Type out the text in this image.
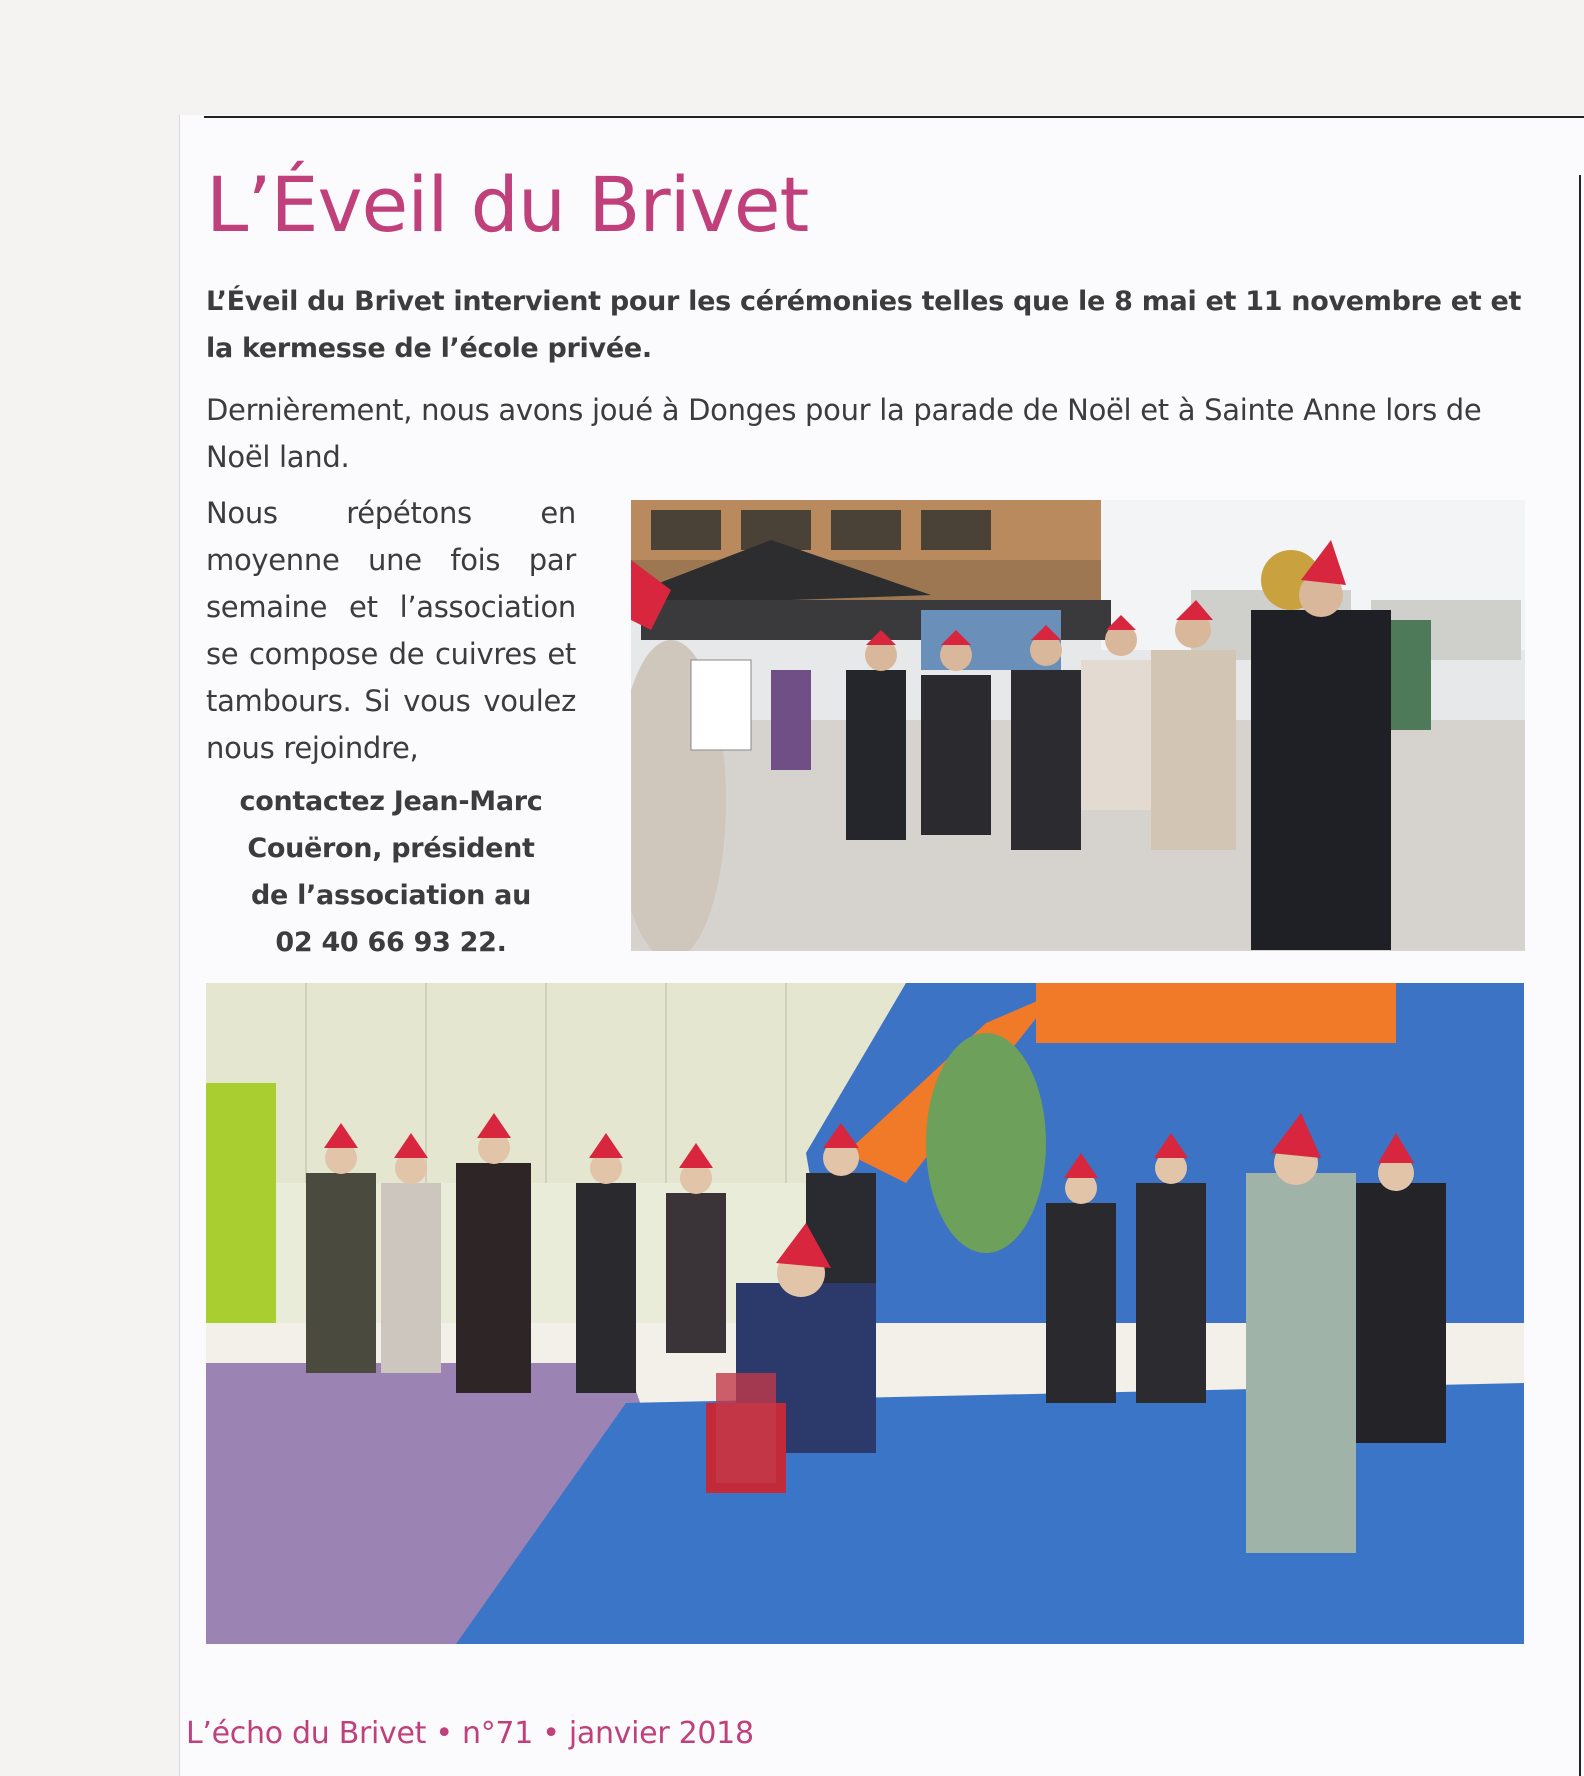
L’Éveil du Brivet

L’Éveil du Brivet intervient pour les cérémonies telles que le 8 mai et 11 novembre et et la kermesse de l’école privée.

Dernièrement, nous avons joué à Donges pour la parade de Noël et à Sainte Anne lors de Noël land.

Nous répétons en moyenne une fois par semaine et l’association se compose de cuivres et tambours. Si vous voulez nous rejoindre,

contactez Jean-Marc
Couëron, président
de l’association au
02 40 66 93 22.

L’écho du Brivet • n°71 • janvier 2018
